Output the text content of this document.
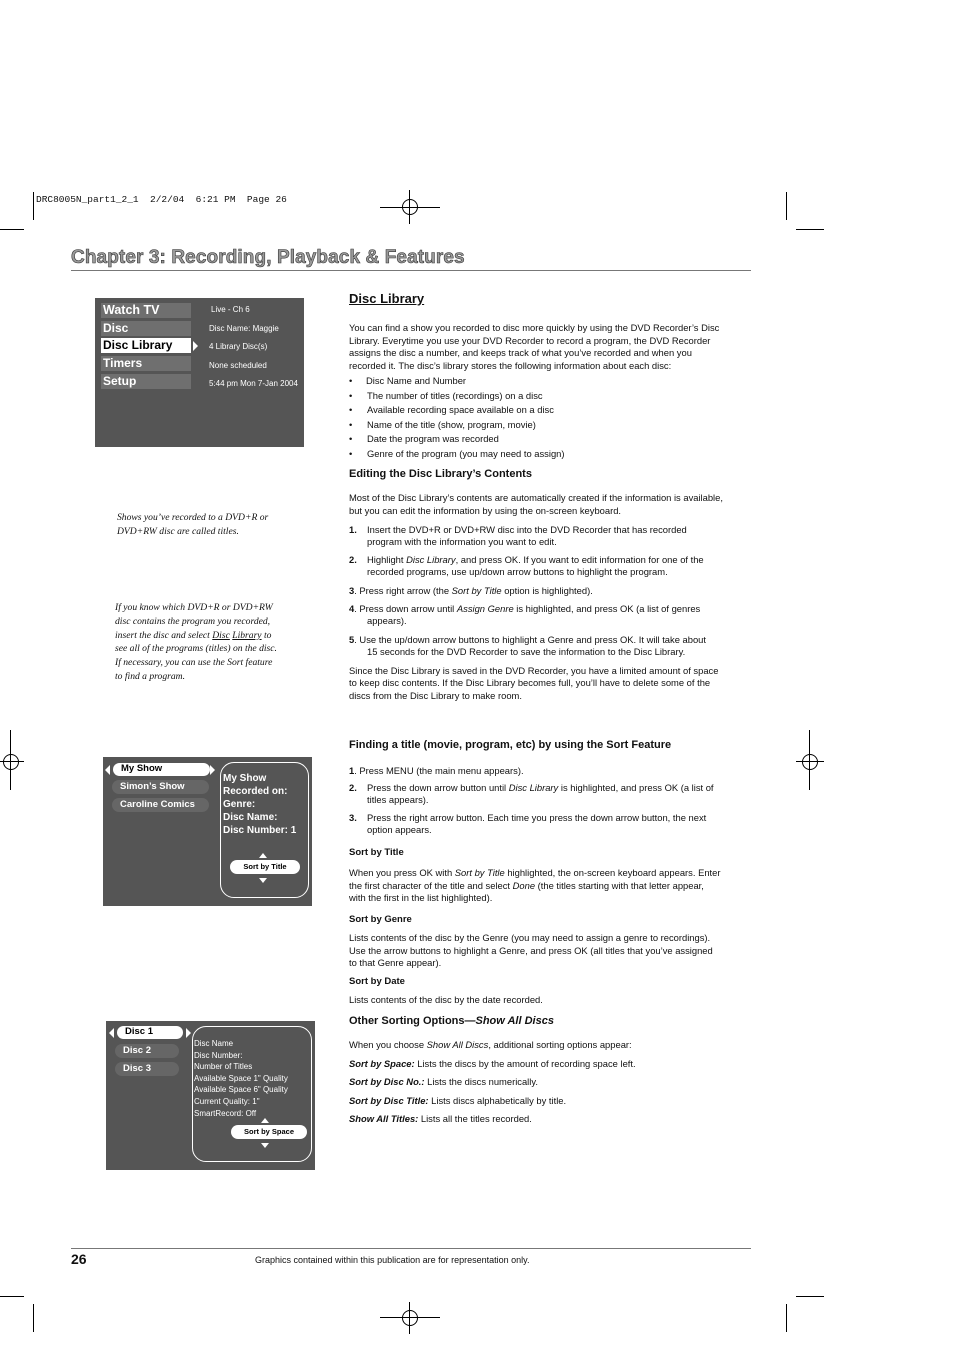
DRC8005N_part1_2_1  2/2/04  6:21 PM  Page 26
Chapter 3: Recording, Playback & Features
Watch TV
Disc
Disc Library
Timers
Setup
Live - Ch 6
Disc Name: Maggie
4 Library Disc(s)
None scheduled
5:44 pm Mon 7-Jan 2004
Shows you’ve recorded to a DVD+R or
DVD+RW disc are called titles.
If you know which DVD+R or DVD+RW
disc contains the program you recorded,
insert the disc and select Disc Library to
see all of the programs (titles) on the disc.
If necessary, you can use the Sort feature
to find a program.
My Show
Simon’s Show
Caroline Comics
My Show
Recorded on:
Genre:
Disc Name:
Disc Number: 1
Sort by Title
Disc 1
Disc 2
Disc 3
Disc Name
Disc Number:
Number of Titles
Available Space 1" Quality
Available Space 6" Quality
Current Quality: 1"
SmartRecord: Off
Sort by Space
Disc Library
You can find a show you recorded to disc more quickly by using the DVD Recorder’s Disc
Library. Everytime you use your DVD Recorder to record a program, the DVD Recorder
assigns the disc a number, and keeps track of what you’ve recorded and when you
recorded it. The disc’s library stores the following information about each disc:
• Disc Name and Number
• The number of titles (recordings) on a disc
• Available recording space available on a disc
• Name of the title (show, program, movie)
• Date the program was recorded
• Genre of the program (you may need to assign)
Editing the Disc Library’s Contents
Most of the Disc Library’s contents are automatically created if the information is available,
but you can edit the information by using the on-screen keyboard.
1. Insert the DVD+R or DVD+RW disc into the DVD Recorder that has recorded
program with the information you want to edit.
2. Highlight Disc Library, and press OK. If you want to edit information for one of the
recorded programs, use up/down arrow buttons to highlight the program.
3. Press right arrow (the Sort by Title option is highlighted).
4. Press down arrow until Assign Genre is highlighted, and press OK (a list of genres
appears).
5. Use the up/down arrow buttons to highlight a Genre and press OK. It will take about
15 seconds for the DVD Recorder to save the information to the Disc Library.
Since the Disc Library is saved in the DVD Recorder, you have a limited amount of space
to keep disc contents. If the Disc Library becomes full, you’ll have to delete some of the
discs from the Disc Library to make room.
Finding a title (movie, program, etc) by using the Sort Feature
1. Press MENU (the main menu appears).
2. Press the down arrow button until Disc Library is highlighted, and press OK (a list of
titles appears).
3. Press the right arrow button. Each time you press the down arrow button, the next
option appears.
Sort by Title
When you press OK with Sort by Title highlighted, the on-screen keyboard appears. Enter
the first character of the title and select Done (the titles starting with that letter appear,
with the first in the list highlighted).
Sort by Genre
Lists contents of the disc by the Genre (you may need to assign a genre to recordings).
Use the arrow buttons to highlight a Genre, and press OK (all titles that you’ve assigned
to that Genre appear).
Sort by Date
Lists contents of the disc by the date recorded.
Other Sorting Options—Show All Discs
When you choose Show All Discs, additional sorting options appear:
Sort by Space: Lists the discs by the amount of recording space left.
Sort by Disc No.: Lists the discs numerically.
Sort by Disc Title: Lists discs alphabetically by title.
Show All Titles: Lists all the titles recorded.
26	Graphics contained within this publication are for representation only.
